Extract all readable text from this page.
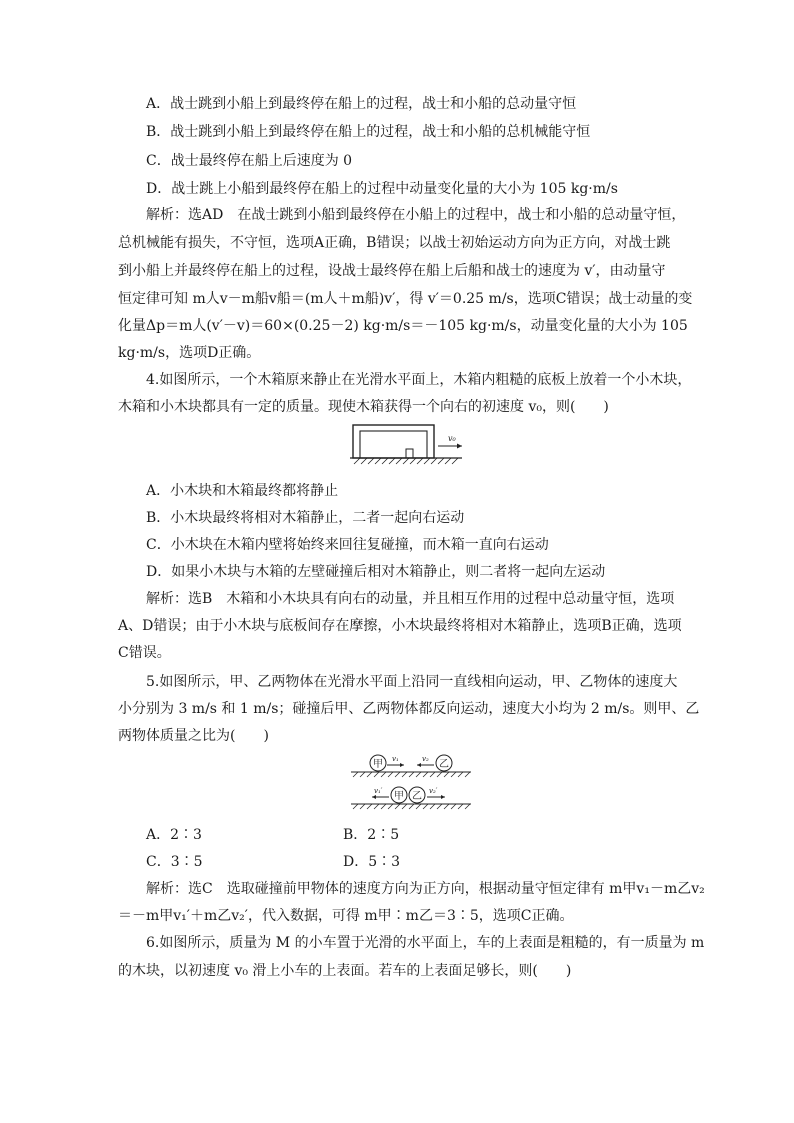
A．战士跳到小船上到最终停在船上的过程，战士和小船的总动量守恒
B．战士跳到小船上到最终停在船上的过程，战士和小船的总机械能守恒
C．战士最终停在船上后速度为 0
D．战士跳上小船到最终停在船上的过程中动量变化量的大小为 105 kg·m/s
解析：选AD　在战士跳到小船到最终停在小船上的过程中，战士和小船的总动量守恒，
总机械能有损失，不守恒，选项A正确，B错误；以战士初始运动方向为正方向，对战士跳
到小船上并最终停在船上的过程，设战士最终停在船上后船和战士的速度为 v′，由动量守
恒定律可知 m人v－m船v船＝(m人＋m船)v′，得 v′＝0.25 m/s，选项C错误；战士动量的变
化量Δp＝m人(v′－v)＝60×(0.25－2) kg·m/s＝－105 kg·m/s，动量变化量的大小为 105
kg·m/s，选项D正确。
4.如图所示，一个木箱原来静止在光滑水平面上，木箱内粗糙的底板上放着一个小木块，
木箱和小木块都具有一定的质量。现使木箱获得一个向右的初速度 v₀，则(　　)
v₀
A．小木块和木箱最终都将静止
B．小木块最终将相对木箱静止，二者一起向右运动
C．小木块在木箱内壁将始终来回往复碰撞，而木箱一直向右运动
D．如果小木块与木箱的左壁碰撞后相对木箱静止，则二者将一起向左运动
解析：选B　木箱和小木块具有向右的动量，并且相互作用的过程中总动量守恒，选项
A、D错误；由于小木块与底板间存在摩擦，小木块最终将相对木箱静止，选项B正确，选项
C错误。
5.如图所示，甲、乙两物体在光滑水平面上沿同一直线相向运动，甲、乙物体的速度大
小分别为 3 m/s 和 1 m/s；碰撞后甲、乙两物体都反向运动，速度大小均为 2 m/s。则甲、乙
两物体质量之比为(　　)
甲 v₁	v₂ 乙
v₁′ 甲 乙 v₂′
A．2∶3	B．2∶5
C．3∶5	D．5∶3
解析：选C　选取碰撞前甲物体的速度方向为正方向，根据动量守恒定律有 m甲v₁－m乙v₂
＝－m甲v₁′＋m乙v₂′，代入数据，可得 m甲∶m乙＝3∶5，选项C正确。
6.如图所示，质量为 M 的小车置于光滑的水平面上，车的上表面是粗糙的，有一质量为 m
的木块，以初速度 v₀ 滑上小车的上表面。若车的上表面足够长，则(　　)
